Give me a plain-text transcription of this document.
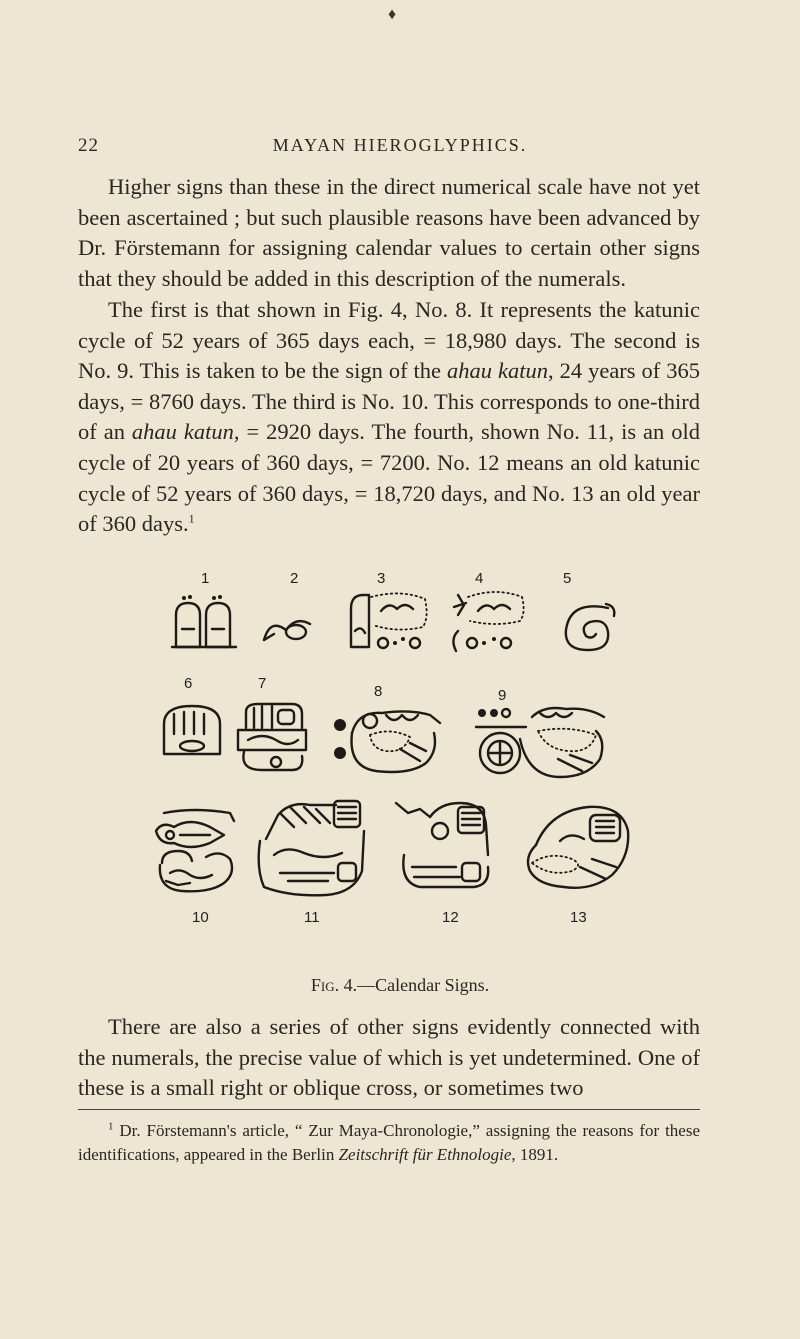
♦
22	MAYAN HIEROGLYPHICS.

Higher signs than these in the direct numerical scale have not yet been ascertained ; but such plausible reasons have been advanced by Dr. Förstemann for assigning calendar values to certain other signs that they should be added in this description of the numerals.

The first is that shown in Fig. 4, No. 8. It represents the katunic cycle of 52 years of 365 days each, = 18,980 days. The second is No. 9. This is taken to be the sign of the ahau katun, 24 years of 365 days, = 8760 days. The third is No. 10. This corresponds to one-third of an ahau katun, = 2920 days. The fourth, shown No. 11, is an old cycle of 20 years of 360 days, = 7200. No. 12 means an old katunic cycle of 52 years of 360 days, = 18,720 days, and No. 13 an old year of 360 days.$^1$

1	2	3	4	5
6	7	8	9
10	11	12	13
Fig. 4.—Calendar Signs.

There are also a series of other signs evidently connected with the numerals, the precise value of which is yet undetermined. One of these is a small right or oblique cross, or sometimes two

$^1$ Dr. Förstemann's article, “ Zur Maya-Chronologie,” assigning the reasons for these identifications, appeared in the Berlin Zeitschrift für Ethnologie, 1891.
